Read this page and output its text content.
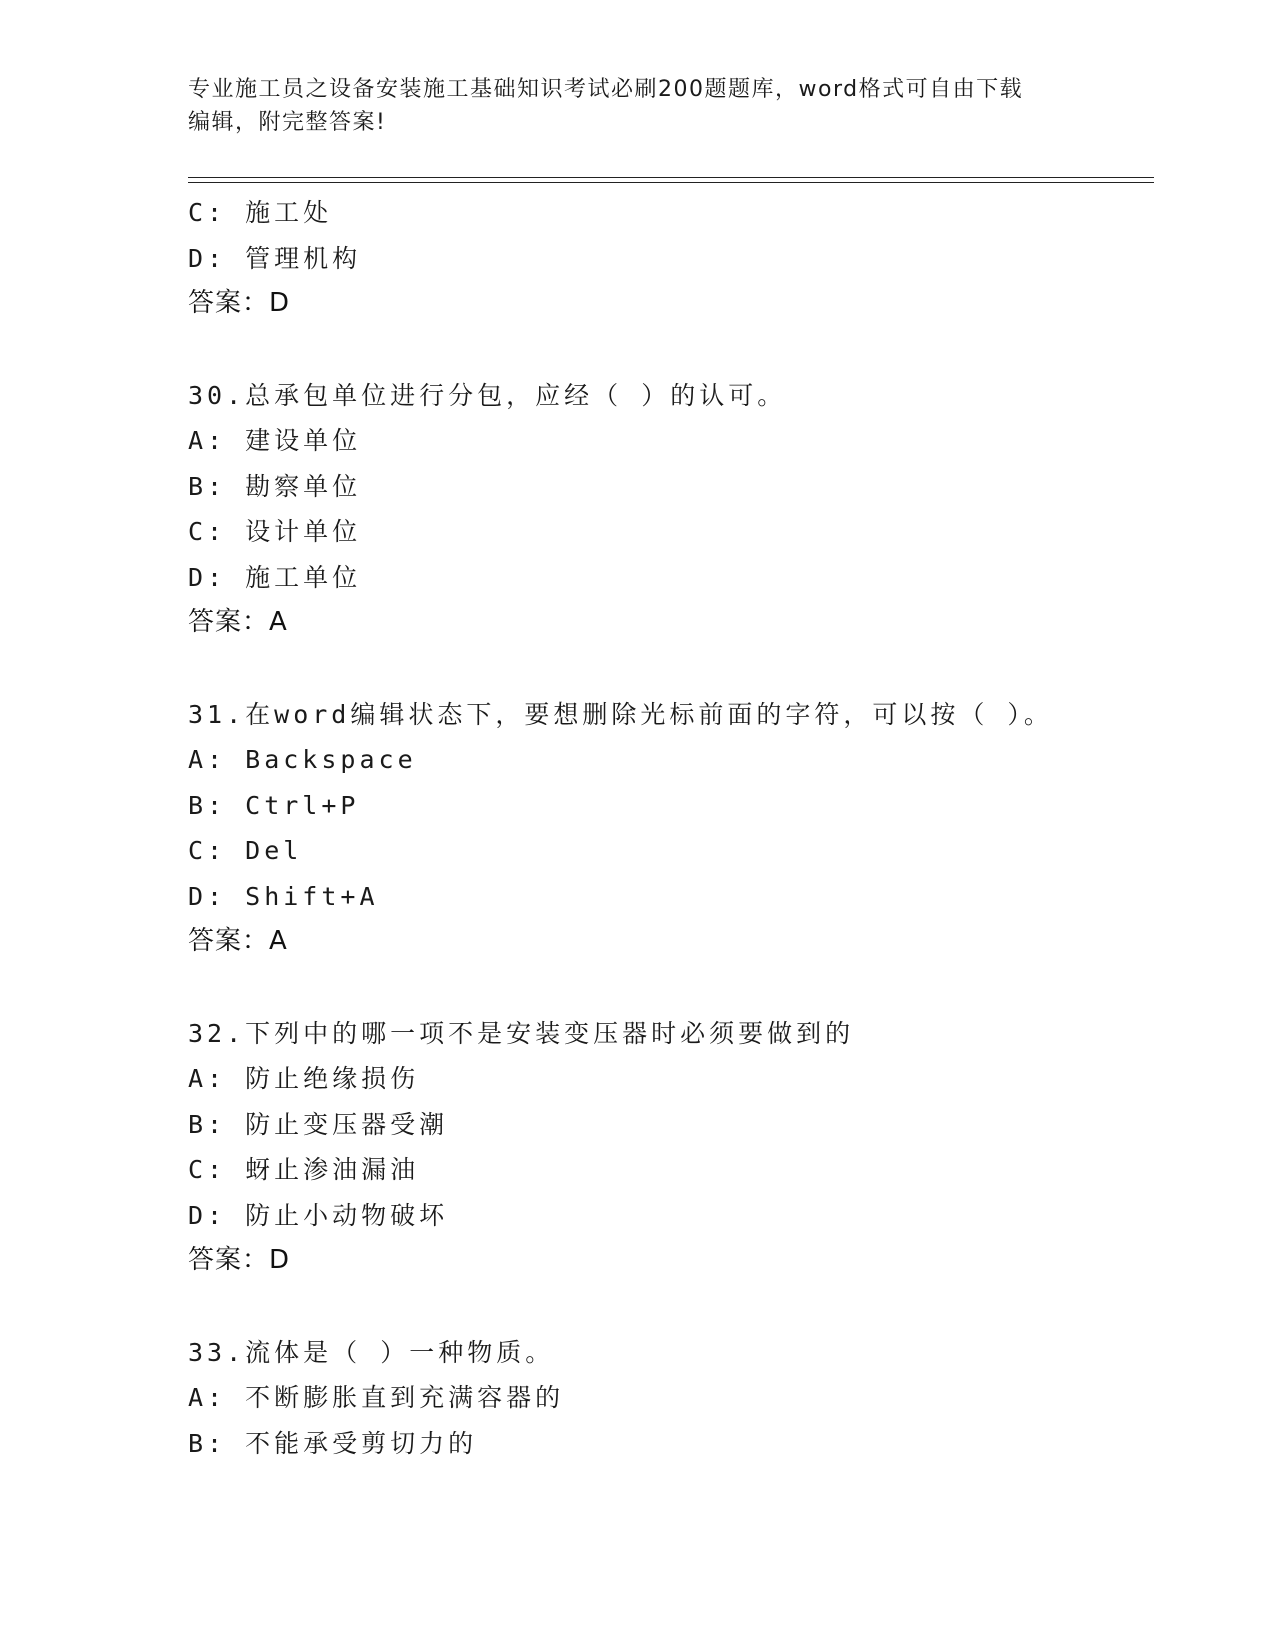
专业施工员之设备安装施工基础知识考试必刷200题题库，word格式可自由下载
编辑，附完整答案!
C: 施工处
D: 管理机构
答案：D
30.总承包单位进行分包，应经（ ）的认可。
A: 建设单位
B: 勘察单位
C: 设计单位
D: 施工单位
答案：A
31.在word编辑状态下，要想删除光标前面的字符，可以按（ ）。
A: Backspace
B: Ctrl+P
C: Del
D: Shift+A
答案：A
32.下列中的哪一项不是安装变压器时必须要做到的
A: 防止绝缘损伤
B: 防止变压器受潮
C: 蚜止渗油漏油
D: 防止小动物破坏
答案：D
33.流体是（ ）一种物质。
A: 不断膨胀直到充满容器的
B: 不能承受剪切力的
